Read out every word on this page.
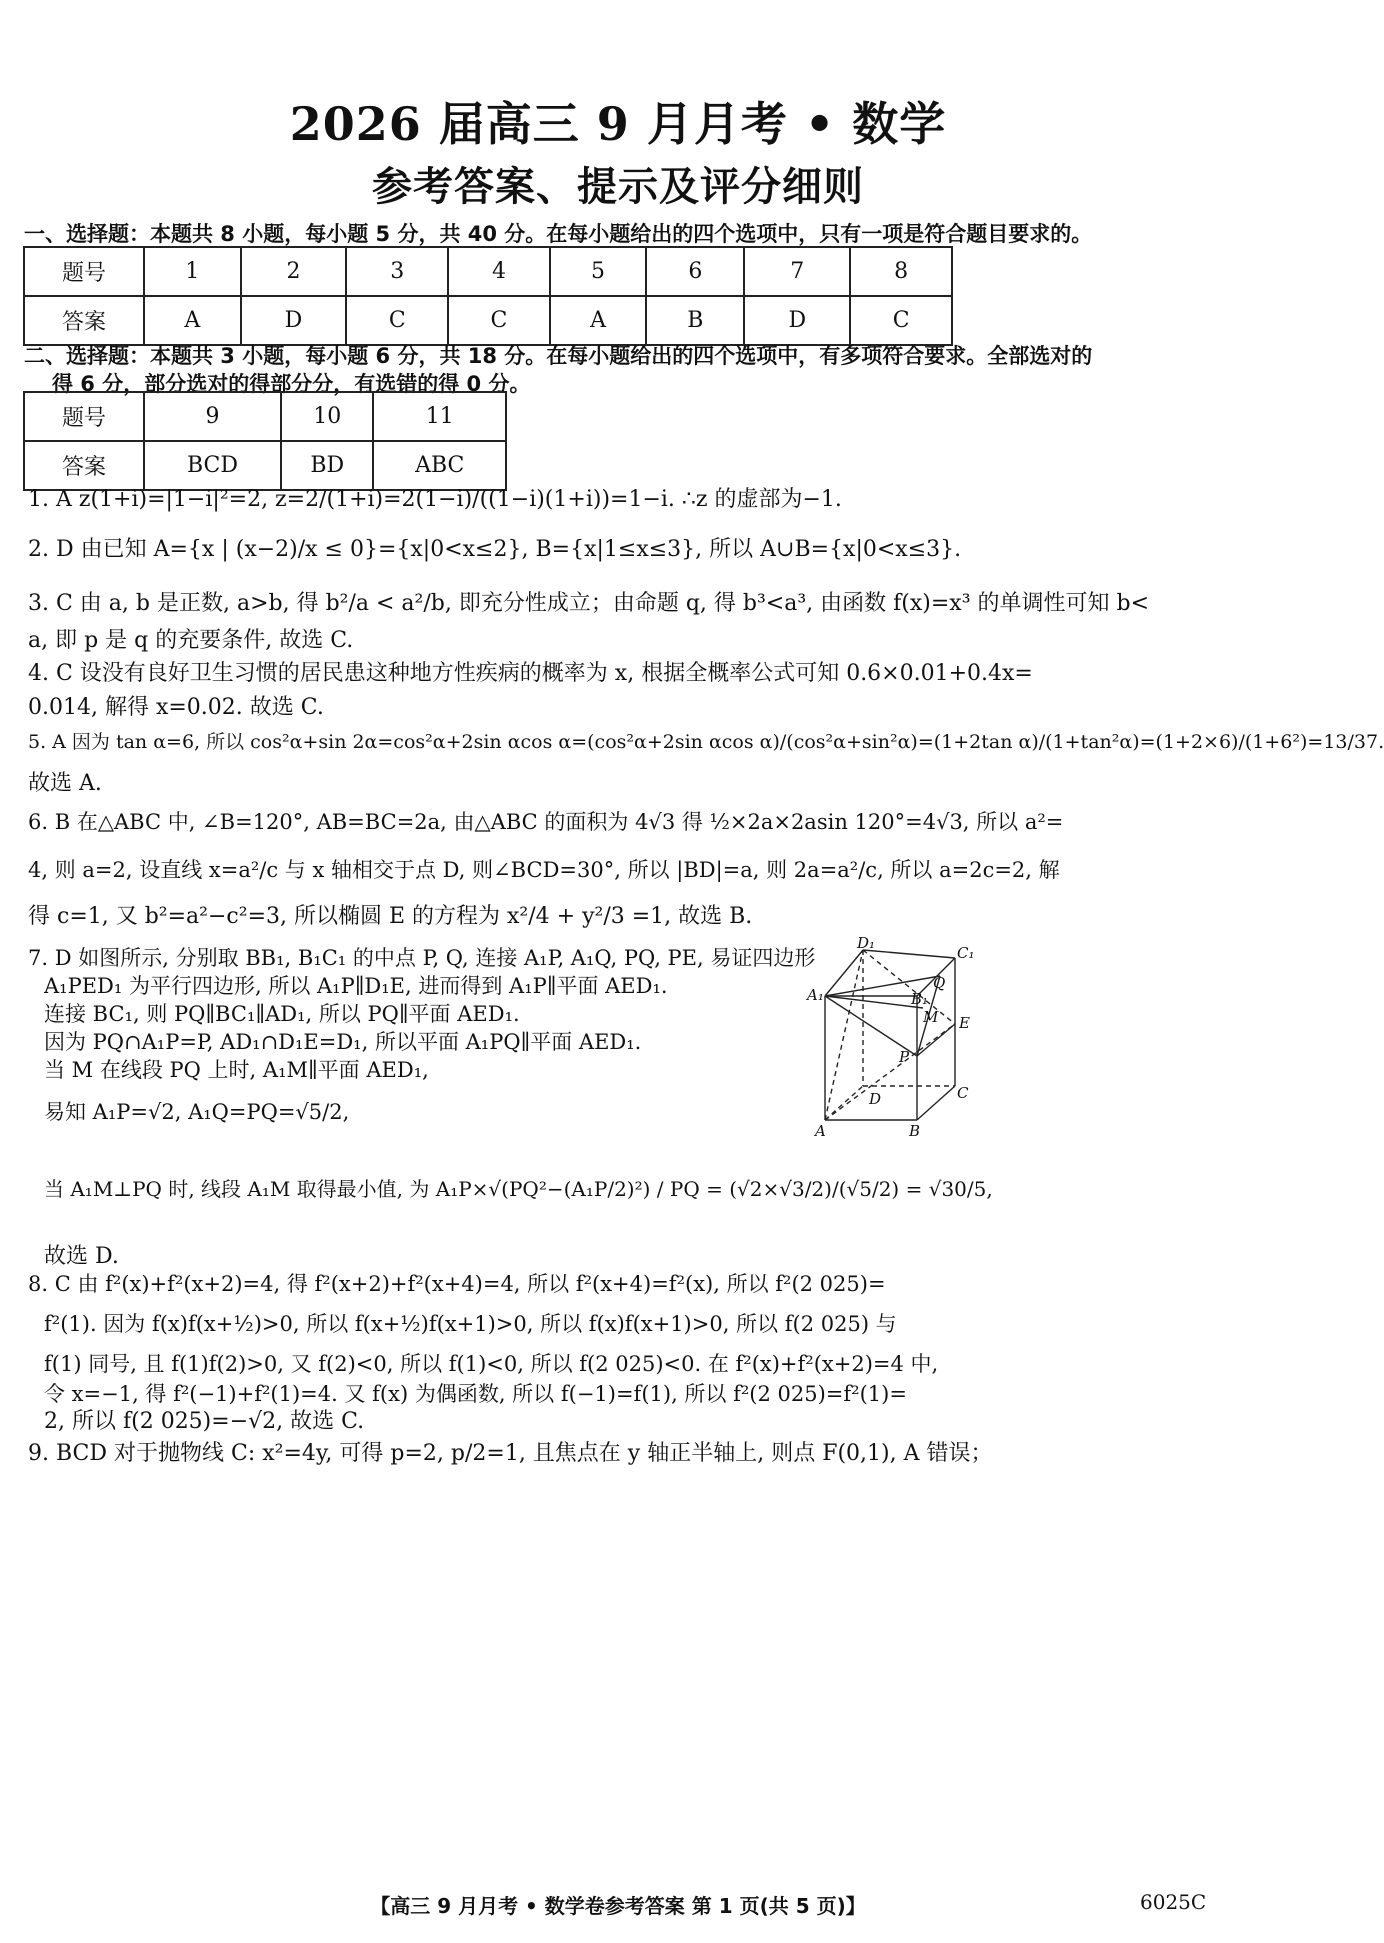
2026 届高三 9 月月考 • 数学
参考答案、提示及评分细则
一、选择题：本题共 8 小题，每小题 5 分，共 40 分。在每小题给出的四个选项中，只有一项是符合题目要求的。
题号	1	2	3	4	5	6	7	8
答案	A	D	C	C	A	B	D	C
二、选择题：本题共 3 小题，每小题 6 分，共 18 分。在每小题给出的四个选项中，有多项符合要求。全部选对的
得 6 分，部分选对的得部分分，有选错的得 0 分。
题号	9	10	11
答案	BCD	BD	ABC
1. A z(1+i)=|1−i|²=2, z=2/(1+i)=2(1−i)/((1−i)(1+i))=1−i. ∴z 的虚部为−1.
2. D 由已知 A={x | (x−2)/x ≤ 0}={x|0<x≤2}, B={x|1≤x≤3}, 所以 A∪B={x|0<x≤3}.
3. C 由 a, b 是正数, a>b, 得 b²/a < a²/b, 即充分性成立；由命题 q, 得 b³<a³, 由函数 f(x)=x³ 的单调性可知 b<
a, 即 p 是 q 的充要条件, 故选 C.
4. C 设没有良好卫生习惯的居民患这种地方性疾病的概率为 x, 根据全概率公式可知 0.6×0.01+0.4x=
0.014, 解得 x=0.02. 故选 C.
5. A 因为 tan α=6, 所以 cos²α+sin 2α=cos²α+2sin αcos α=(cos²α+2sin αcos α)/(cos²α+sin²α)=(1+2tan α)/(1+tan²α)=(1+2×6)/(1+6²)=13/37.
故选 A.
6. B 在△ABC 中, ∠B=120°, AB=BC=2a, 由△ABC 的面积为 4√3 得 ½×2a×2asin 120°=4√3, 所以 a²=
4, 则 a=2, 设直线 x=a²/c 与 x 轴相交于点 D, 则∠BCD=30°, 所以 |BD|=a, 则 2a=a²/c, 所以 a=2c=2, 解
得 c=1, 又 b²=a²−c²=3, 所以椭圆 E 的方程为 x²/4 + y²/3 =1, 故选 B.
7. D 如图所示, 分别取 BB₁, B₁C₁ 的中点 P, Q, 连接 A₁P, A₁Q, PQ, PE, 易证四边形
A₁PED₁ 为平行四边形, 所以 A₁P∥D₁E, 进而得到 A₁P∥平面 AED₁.
连接 BC₁, 则 PQ∥BC₁∥AD₁, 所以 PQ∥平面 AED₁.
因为 PQ∩A₁P=P, AD₁∩D₁E=D₁, 所以平面 A₁PQ∥平面 AED₁.
当 M 在线段 PQ 上时, A₁M∥平面 AED₁,
易知 A₁P=√2, A₁Q=PQ=√5/2,
当 A₁M⊥PQ 时, 线段 A₁M 取得最小值, 为 A₁P×√(PQ²−(A₁P/2)²) / PQ = (√2×√3/2)/(√5/2) = √30/5,
故选 D.
D₁
C₁
A₁	B₁
Q
M E
P
D	C
A	B
8. C 由 f²(x)+f²(x+2)=4, 得 f²(x+2)+f²(x+4)=4, 所以 f²(x+4)=f²(x), 所以 f²(2 025)=
f²(1). 因为 f(x)f(x+½)>0, 所以 f(x+½)f(x+1)>0, 所以 f(x)f(x+1)>0, 所以 f(2 025) 与
f(1) 同号, 且 f(1)f(2)>0, 又 f(2)<0, 所以 f(1)<0, 所以 f(2 025)<0. 在 f²(x)+f²(x+2)=4 中,
令 x=−1, 得 f²(−1)+f²(1)=4. 又 f(x) 为偶函数, 所以 f(−1)=f(1), 所以 f²(2 025)=f²(1)=
2, 所以 f(2 025)=−√2, 故选 C.
9. BCD 对于抛物线 C: x²=4y, 可得 p=2, p/2=1, 且焦点在 y 轴正半轴上, 则点 F(0,1), A 错误；
【高三 9 月月考 • 数学卷参考答案 第 1 页(共 5 页)】	6025C
